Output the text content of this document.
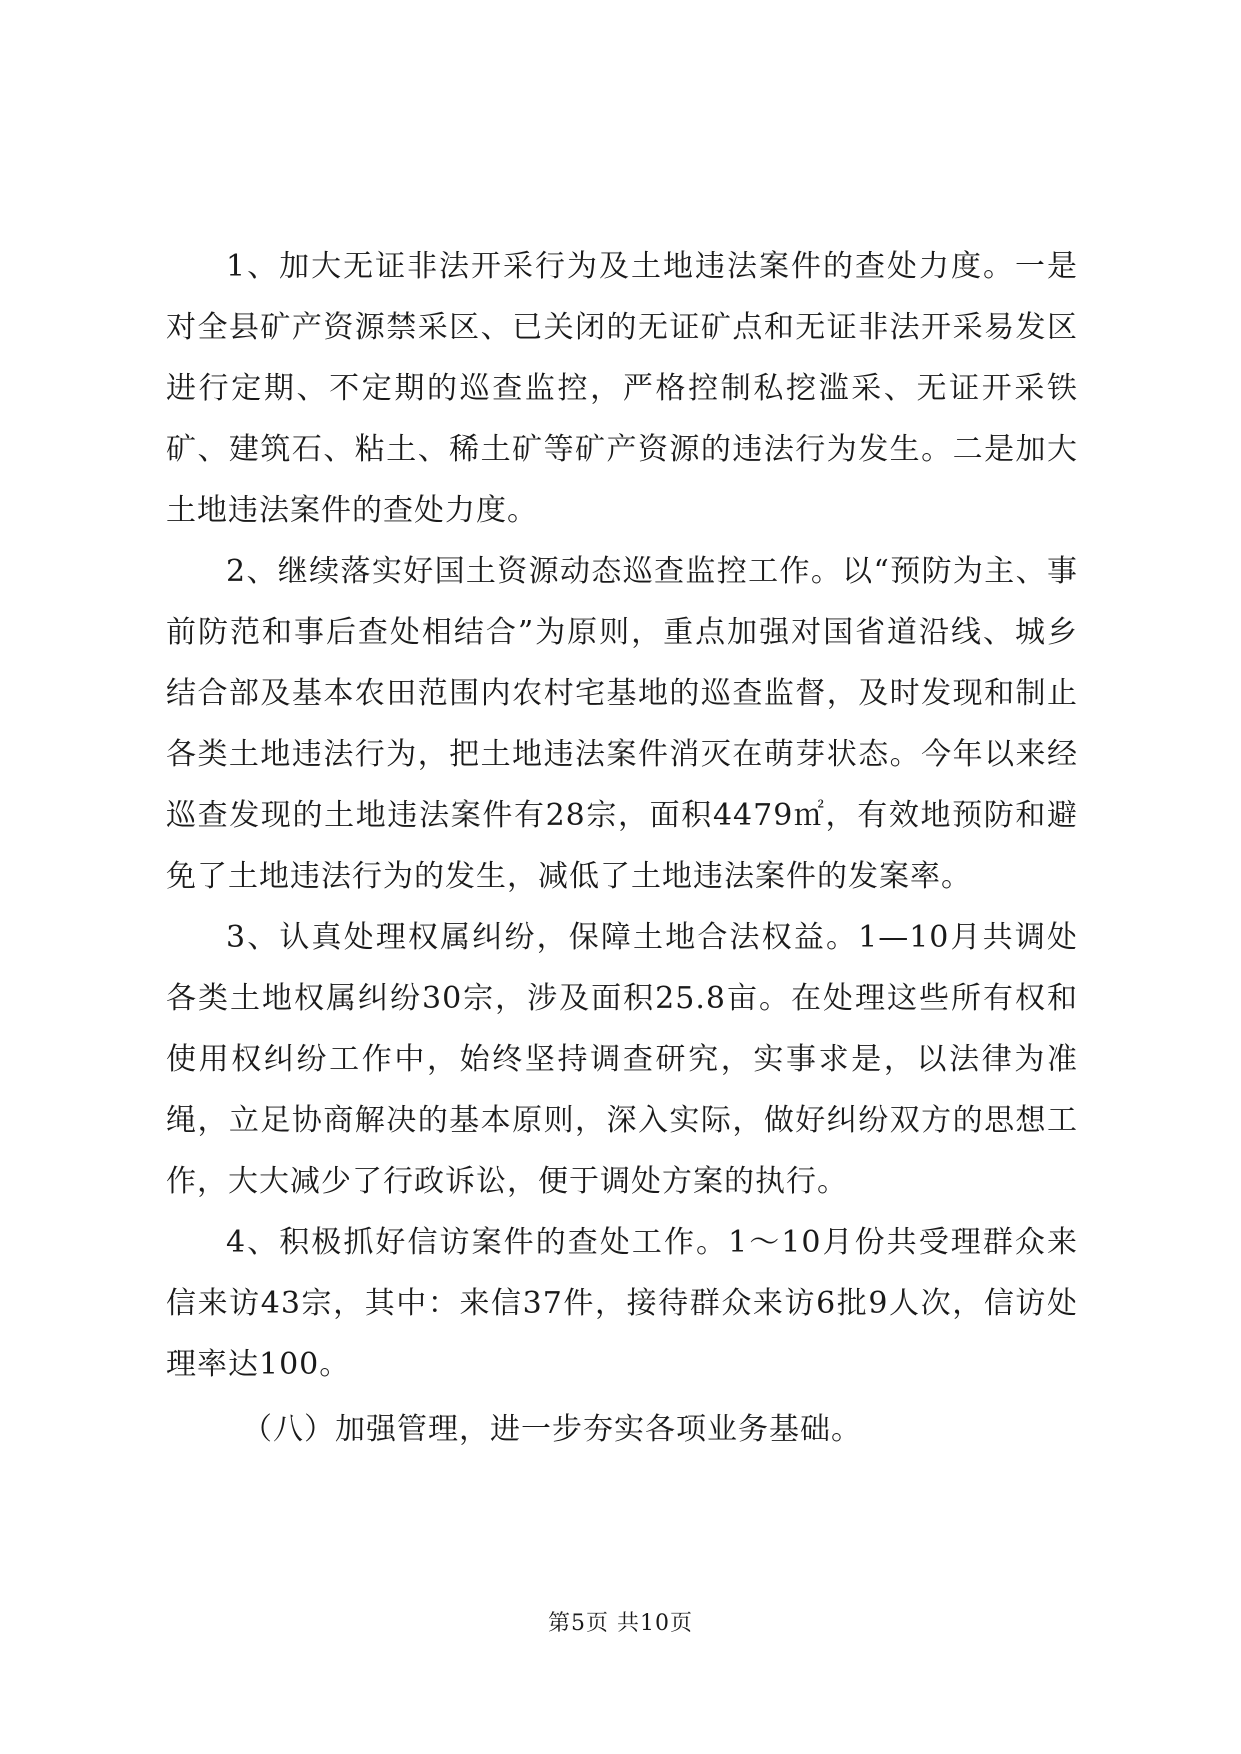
1、加大无证非法开采行为及土地违法案件的查处力度。一是对全县矿产资源禁采区、已关闭的无证矿点和无证非法开采易发区进行定期、不定期的巡查监控，严格控制私挖滥采、无证开采铁矿、建筑石、粘土、稀土矿等矿产资源的违法行为发生。二是加大土地违法案件的查处力度。

2、继续落实好国土资源动态巡查监控工作。以“预防为主、事前防范和事后查处相结合”为原则，重点加强对国省道沿线、城乡结合部及基本农田范围内农村宅基地的巡查监督，及时发现和制止各类土地违法行为，把土地违法案件消灭在萌芽状态。今年以来经巡查发现的土地违法案件有28宗，面积4479㎡，有效地预防和避免了土地违法行为的发生，减低了土地违法案件的发案率。

3、认真处理权属纠纷，保障土地合法权益。1—10月共调处各类土地权属纠纷30宗，涉及面积25.8亩。在处理这些所有权和使用权纠纷工作中，始终坚持调查研究，实事求是，以法律为准绳，立足协商解决的基本原则，深入实际，做好纠纷双方的思想工作，大大减少了行政诉讼，便于调处方案的执行。

4、积极抓好信访案件的查处工作。1～10月份共受理群众来信来访43宗，其中：来信37件，接待群众来访6批9人次，信访处理率达100。

（八）加强管理，进一步夯实各项业务基础。

第5页 共10页
